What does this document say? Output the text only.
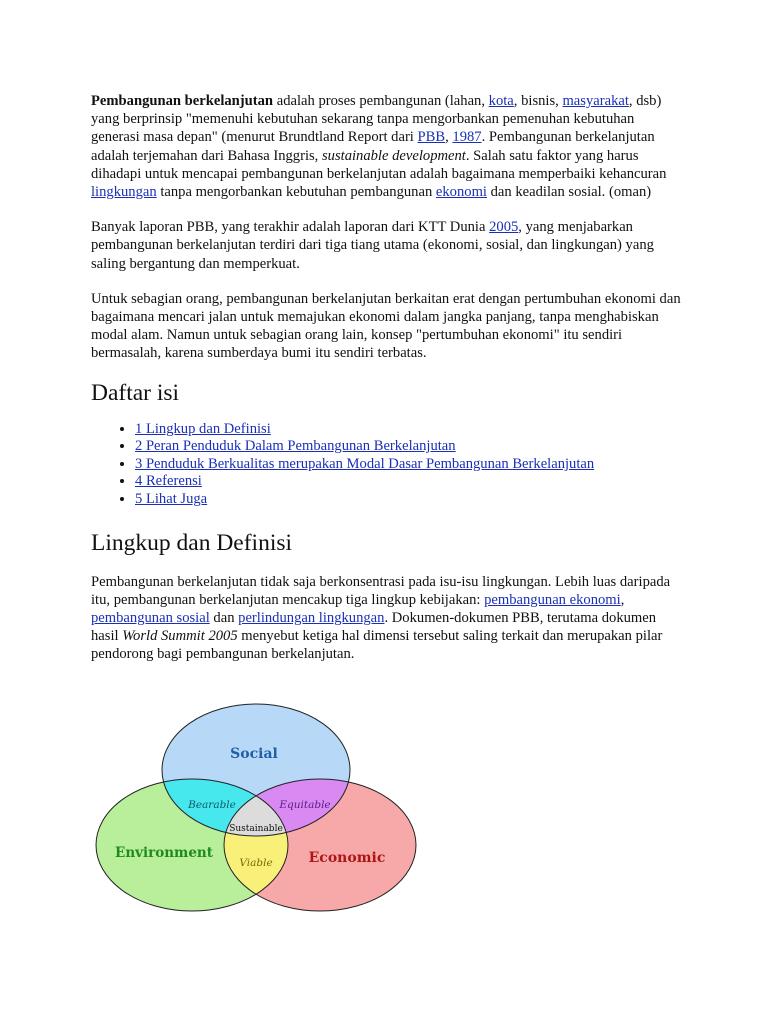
Pembangunan berkelanjutan adalah proses pembangunan (lahan, kota, bisnis, masyarakat, dsb) yang berprinsip "memenuhi kebutuhan sekarang tanpa mengorbankan pemenuhan kebutuhan generasi masa depan" (menurut Brundtland Report dari PBB, 1987. Pembangunan berkelanjutan adalah terjemahan dari Bahasa Inggris, sustainable development. Salah satu faktor yang harus dihadapi untuk mencapai pembangunan berkelanjutan adalah bagaimana memperbaiki kehancuran lingkungan tanpa mengorbankan kebutuhan pembangunan ekonomi dan keadilan sosial. (oman)

Banyak laporan PBB, yang terakhir adalah laporan dari KTT Dunia 2005, yang menjabarkan pembangunan berkelanjutan terdiri dari tiga tiang utama (ekonomi, sosial, dan lingkungan) yang saling bergantung dan memperkuat.

Untuk sebagian orang, pembangunan berkelanjutan berkaitan erat dengan pertumbuhan ekonomi dan bagaimana mencari jalan untuk memajukan ekonomi dalam jangka panjang, tanpa menghabiskan modal alam. Namun untuk sebagian orang lain, konsep "pertumbuhan ekonomi" itu sendiri bermasalah, karena sumberdaya bumi itu sendiri terbatas.

Daftar isi
• 1 Lingkup dan Definisi
• 2 Peran Penduduk Dalam Pembangunan Berkelanjutan
• 3 Penduduk Berkualitas merupakan Modal Dasar Pembangunan Berkelanjutan
• 4 Referensi
• 5 Lihat Juga
Lingkup dan Definisi

Pembangunan berkelanjutan tidak saja berkonsentrasi pada isu-isu lingkungan. Lebih luas daripada itu, pembangunan berkelanjutan mencakup tiga lingkup kebijakan: pembangunan ekonomi, pembangunan sosial dan perlindungan lingkungan. Dokumen-dokumen PBB, terutama dokumen hasil World Summit 2005 menyebut ketiga hal dimensi tersebut saling terkait dan merupakan pilar pendorong bagi pembangunan berkelanjutan.

Social
Environment	Economic
Bearable	Equitable
Sustainable
Viable
